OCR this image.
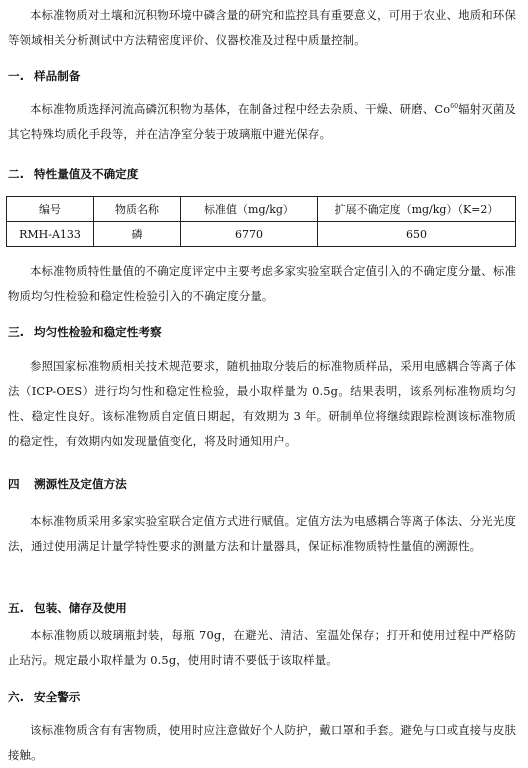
本标准物质对土壤和沉积物环境中磷含量的研究和监控具有重要意义，可用于农业、地质和环保等领域相关分析测试中方法精密度评价、仪器校准及过程中质量控制。

一. 样品制备

本标准物质选择河流高磷沉积物为基体，在制备过程中经去杂质、干燥、研磨、Co$^{60}$辐射灭菌及其它特殊均质化手段等，并在洁净室分装于玻璃瓶中避光保存。

二. 特性量值及不确定度
编号	物质名称	标准值（mg/kg）	扩展不确定度（mg/kg）（K=2）
RMH-A133	磷	6770	650

本标准物质特性量值的不确定度评定中主要考虑多家实验室联合定值引入的不确定度分量、标准物质均匀性检验和稳定性检验引入的不确定度分量。

三. 均匀性检验和稳定性考察

参照国家标准物质相关技术规范要求，随机抽取分装后的标准物质样品，采用电感耦合等离子体法（ICP-OES）进行均匀性和稳定性检验，最小取样量为 0.5g。结果表明，该系列标准物质均匀性、稳定性良好。该标准物质自定值日期起，有效期为 3 年。研制单位将继续跟踪检测该标准物质的稳定性，有效期内如发现量值变化，将及时通知用户。

四 溯源性及定值方法

本标准物质采用多家实验室联合定值方式进行赋值。定值方法为电感耦合等离子体法、分光光度法，通过使用满足计量学特性要求的测量方法和计量器具，保证标准物质特性量值的溯源性。

五. 包装、储存及使用

本标准物质以玻璃瓶封装，每瓶 70g，在避光、清洁、室温处保存；打开和使用过程中严格防止玷污。规定最小取样量为 0.5g，使用时请不要低于该取样量。

六. 安全警示

该标准物质含有有害物质，使用时应注意做好个人防护，戴口罩和手套。避免与口或直接与皮肤接触。
